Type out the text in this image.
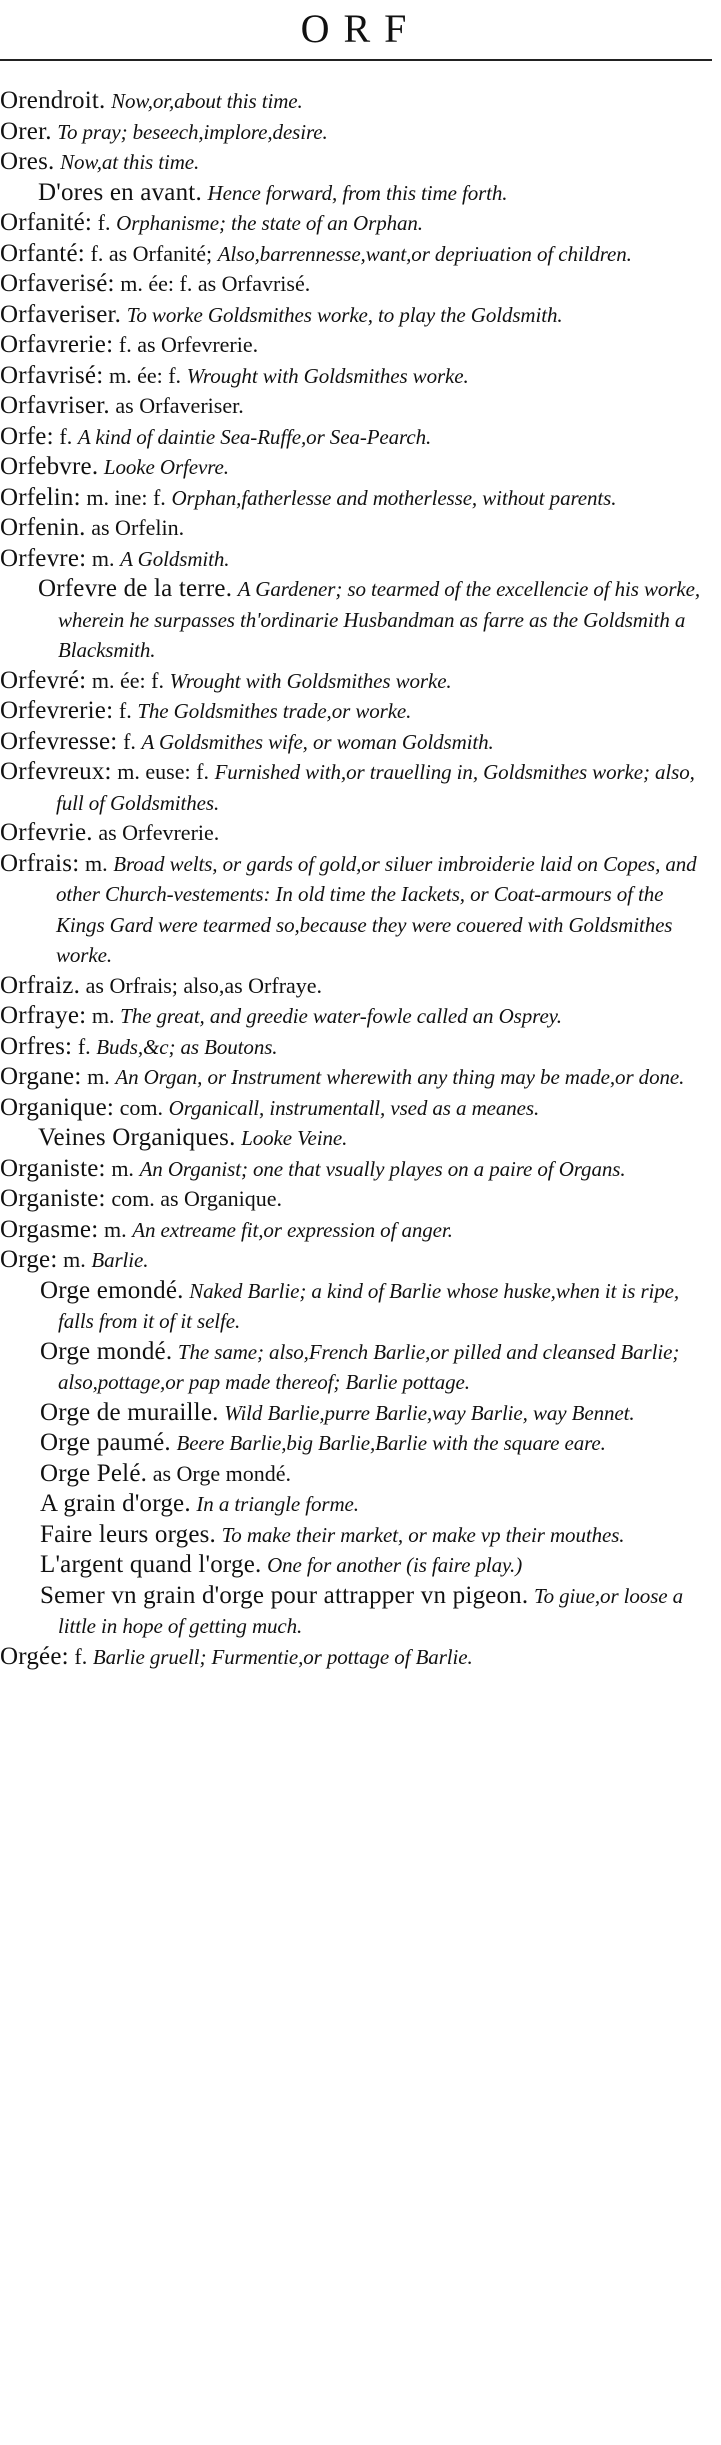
ORF

Orendroit. Now,or,about this time.

Orer. To pray; beseech,implore,desire.

Ores. Now,at this time.

D'ores en avant. Hence forward, from this time forth.

Orfanité: f. Orphanisme; the state of an Orphan.

Orfanté: f. as Orfanité; Also,barrennesse,want,or depriuation of children.

Orfaverisé: m. ée: f. as Orfavrisé.

Orfaveriser. To worke Goldsmithes worke, to play the Goldsmith.

Orfavrerie: f. as Orfevrerie.

Orfavrisé: m. ée: f. Wrought with Goldsmithes worke.

Orfavriser. as Orfaveriser.

Orfe: f. A kind of daintie Sea-Ruffe,or Sea-Pearch.

Orfebvre. Looke Orfevre.

Orfelin: m. ine: f. Orphan,fatherlesse and motherlesse, without parents.

Orfenin. as Orfelin.

Orfevre: m. A Goldsmith.

Orfevre de la terre. A Gardener; so tearmed of the excellencie of his worke, wherein he surpasses th'ordinarie Husbandman as farre as the Goldsmith a Blacksmith.

Orfevré: m. ée: f. Wrought with Goldsmithes worke.

Orfevrerie: f. The Goldsmithes trade,or worke.

Orfevresse: f. A Goldsmithes wife, or woman Goldsmith.

Orfevreux: m. euse: f. Furnished with,or trauelling in, Goldsmithes worke; also, full of Goldsmithes.

Orfevrie. as Orfevrerie.

Orfrais: m. Broad welts, or gards of gold,or siluer imbroiderie laid on Copes, and other Church-vestements: In old time the Iackets, or Coat-armours of the Kings Gard were tearmed so,because they were couered with Goldsmithes worke.

Orfraiz. as Orfrais; also,as Orfraye.

Orfraye: m. The great, and greedie water-fowle called an Osprey.

Orfres: f. Buds,&c; as Boutons.

Organe: m. An Organ, or Instrument wherewith any thing may be made,or done.

Organique: com. Organicall, instrumentall, vsed as a meanes.

Veines Organiques. Looke Veine.

Organiste: m. An Organist; one that vsually playes on a paire of Organs.

Organiste: com. as Organique.

Orgasme: m. An extreame fit,or expression of anger.

Orge: m. Barlie.

Orge emondé. Naked Barlie; a kind of Barlie whose huske,when it is ripe, falls from it of it selfe.

Orge mondé. The same; also,French Barlie,or pilled and cleansed Barlie; also,pottage,or pap made thereof; Barlie pottage.

Orge de muraille. Wild Barlie,purre Barlie,way Barlie, way Bennet.

Orge paumé. Beere Barlie,big Barlie,Barlie with the square eare.

Orge Pelé. as Orge mondé.

A grain d'orge. In a triangle forme.

Faire leurs orges. To make their market, or make vp their mouthes.

L'argent quand l'orge. One for another (is faire play.)

Semer vn grain d'orge pour attrapper vn pigeon. To giue,or loose a little in hope of getting much.

Orgée: f. Barlie gruell; Furmentie,or pottage of Barlie.
